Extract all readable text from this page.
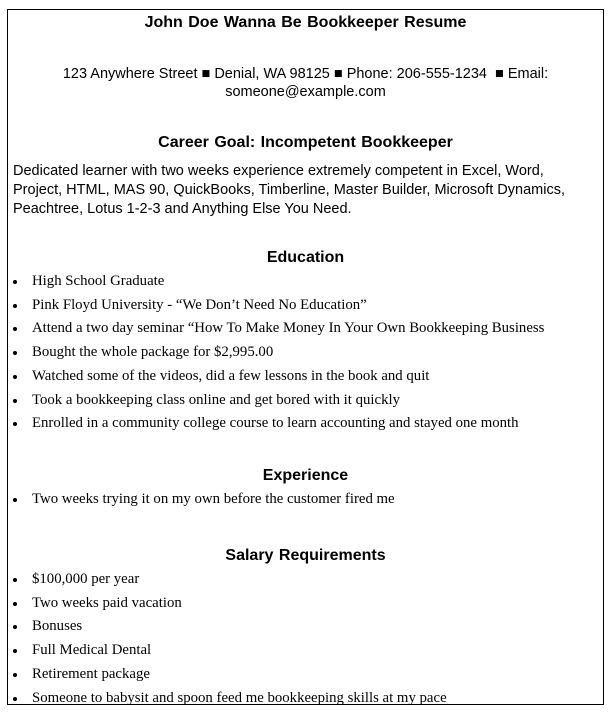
John Doe Wanna Be Bookkeeper Resume
123 Anywhere Street ■ Denial, WA 98125 ■ Phone: 206-555-1234 ■ Email: someone@example.com
Career Goal: Incompetent Bookkeeper
Dedicated learner with two weeks experience extremely competent in Excel, Word, Project, HTML, MAS 90, QuickBooks, Timberline, Master Builder, Microsoft Dynamics, Peachtree, Lotus 1-2-3 and Anything Else You Need.
Education
High School Graduate
Pink Floyd University - “We Don’t Need No Education”
Attend a two day seminar “How To Make Money In Your Own Bookkeeping Business
Bought the whole package for $2,995.00
Watched some of the videos, did a few lessons in the book and quit
Took a bookkeeping class online and get bored with it quickly
Enrolled in a community college course to learn accounting and stayed one month
Experience
Two weeks trying it on my own before the customer fired me
Salary Requirements
$100,000 per year
Two weeks paid vacation
Bonuses
Full Medical Dental
Retirement package
Someone to babysit and spoon feed me bookkeeping skills at my pace
